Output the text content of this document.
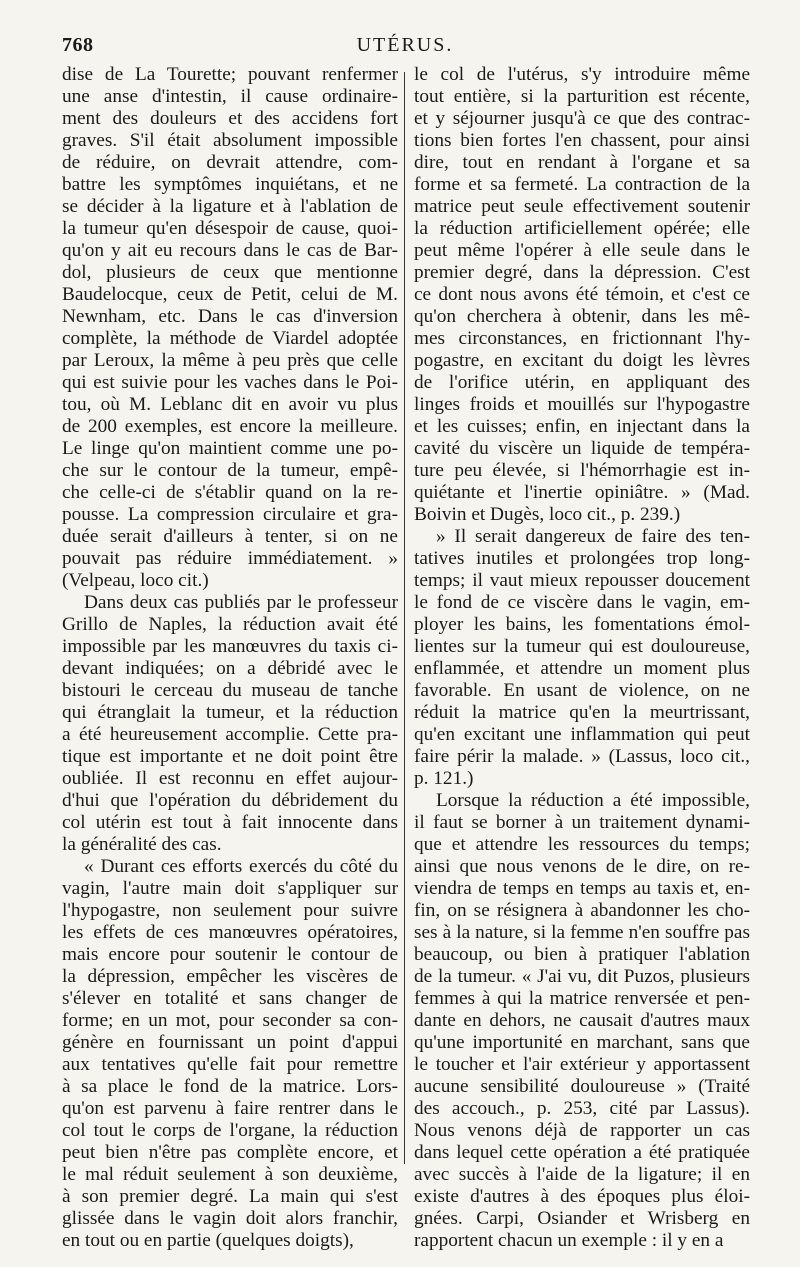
768	UTÉRUS.
dise de La Tourette; pouvant renfermer
une anse d'intestin, il cause ordinaire-
ment des douleurs et des accidens fort
graves. S'il était absolument impossible
de réduire, on devrait attendre, com-
battre les symptômes inquiétans, et ne
se décider à la ligature et à l'ablation de
la tumeur qu'en désespoir de cause, quoi-
qu'on y ait eu recours dans le cas de Bar-
dol, plusieurs de ceux que mentionne
Baudelocque, ceux de Petit, celui de M.
Newnham, etc. Dans le cas d'inversion
complète, la méthode de Viardel adoptée
par Leroux, la même à peu près que celle
qui est suivie pour les vaches dans le Poi-
tou, où M. Leblanc dit en avoir vu plus
de 200 exemples, est encore la meilleure.
Le linge qu'on maintient comme une po-
che sur le contour de la tumeur, empê-
che celle-ci de s'établir quand on la re-
pousse. La compression circulaire et gra-
duée serait d'ailleurs à tenter, si on ne
pouvait pas réduire immédiatement. »
(Velpeau, loco cit.)
Dans deux cas publiés par le professeur
Grillo de Naples, la réduction avait été
impossible par les manœuvres du taxis ci-
devant indiquées; on a débridé avec le
bistouri le cerceau du museau de tanche
qui étranglait la tumeur, et la réduction
a été heureusement accomplie. Cette pra-
tique est importante et ne doit point être
oubliée. Il est reconnu en effet aujour-
d'hui que l'opération du débridement du
col utérin est tout à fait innocente dans
la généralité des cas.
« Durant ces efforts exercés du côté du
vagin, l'autre main doit s'appliquer sur
l'hypogastre, non seulement pour suivre
les effets de ces manœuvres opératoires,
mais encore pour soutenir le contour de
la dépression, empêcher les viscères de
s'élever en totalité et sans changer de
forme; en un mot, pour seconder sa con-
génère en fournissant un point d'appui
aux tentatives qu'elle fait pour remettre
à sa place le fond de la matrice. Lors-
qu'on est parvenu à faire rentrer dans le
col tout le corps de l'organe, la réduction
peut bien n'être pas complète encore, et
le mal réduit seulement à son deuxième,
à son premier degré. La main qui s'est
glissée dans le vagin doit alors franchir,
en tout ou en partie (quelques doigts),
le col de l'utérus, s'y introduire même
tout entière, si la parturition est récente,
et y séjourner jusqu'à ce que des contrac-
tions bien fortes l'en chassent, pour ainsi
dire, tout en rendant à l'organe et sa
forme et sa fermeté. La contraction de la
matrice peut seule effectivement soutenir
la réduction artificiellement opérée; elle
peut même l'opérer à elle seule dans le
premier degré, dans la dépression. C'est
ce dont nous avons été témoin, et c'est ce
qu'on cherchera à obtenir, dans les mê-
mes circonstances, en frictionnant l'hy-
pogastre, en excitant du doigt les lèvres
de l'orifice utérin, en appliquant des
linges froids et mouillés sur l'hypogastre
et les cuisses; enfin, en injectant dans la
cavité du viscère un liquide de tempéra-
ture peu élevée, si l'hémorrhagie est in-
quiétante et l'inertie opiniâtre. » (Mad.
Boivin et Dugès, loco cit., p. 239.)
» Il serait dangereux de faire des ten-
tatives inutiles et prolongées trop long-
temps; il vaut mieux repousser doucement
le fond de ce viscère dans le vagin, em-
ployer les bains, les fomentations émol-
lientes sur la tumeur qui est douloureuse,
enflammée, et attendre un moment plus
favorable. En usant de violence, on ne
réduit la matrice qu'en la meurtrissant,
qu'en excitant une inflammation qui peut
faire périr la malade. » (Lassus, loco cit.,
p. 121.)
Lorsque la réduction a été impossible,
il faut se borner à un traitement dynami-
que et attendre les ressources du temps;
ainsi que nous venons de le dire, on re-
viendra de temps en temps au taxis et, en-
fin, on se résignera à abandonner les cho-
ses à la nature, si la femme n'en souffre pas
beaucoup, ou bien à pratiquer l'ablation
de la tumeur. « J'ai vu, dit Puzos, plusieurs
femmes à qui la matrice renversée et pen-
dante en dehors, ne causait d'autres maux
qu'une importunité en marchant, sans que
le toucher et l'air extérieur y apportassent
aucune sensibilité douloureuse » (Traité
des accouch., p. 253, cité par Lassus).
Nous venons déjà de rapporter un cas
dans lequel cette opération a été pratiquée
avec succès à l'aide de la ligature; il en
existe d'autres à des époques plus éloi-
gnées. Carpi, Osiander et Wrisberg en
rapportent chacun un exemple : il y en a
